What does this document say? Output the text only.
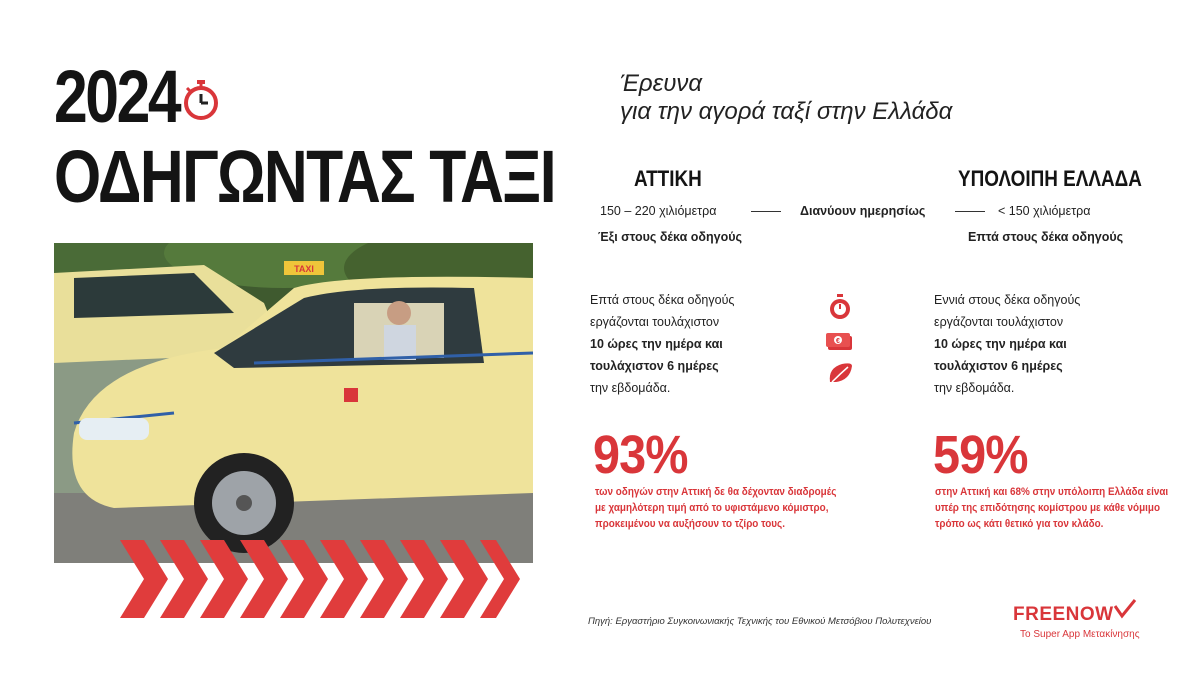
2024
ΟΔΗΓΩΝΤΑΣ ΤΑΞΙ
ΤΑΧΙ
Έρευνα
για την αγορά ταξί στην Ελλάδα
ΑΤΤΙΚΗ	ΥΠΟΛΟΙΠΗ ΕΛΛΑΔΑ
150 – 220 χιλιόμετρα	Διανύουν ημερησίως	< 150 χιλιόμετρα
Έξι στους δέκα οδηγούς	Επτά στους δέκα οδηγούς
Επτά στους δέκα οδηγούς
εργάζονται τουλάχιστον
10 ώρες την ημέρα και
τουλάχιστον 6 ημέρες
την εβδομάδα.
Εννιά στους δέκα οδηγούς
εργάζονται τουλάχιστον
10 ώρες την ημέρα και
τουλάχιστον 6 ημέρες
την εβδομάδα.
€
93%
των οδηγών στην Αττική δε θα δέχονταν διαδρομές
με χαμηλότερη τιμή από το υφιστάμενο κόμιστρο,
προκειμένου να αυξήσουν το τζίρο τους.
59%
στην Αττική και 68% στην υπόλοιπη Ελλάδα είναι
υπέρ της επιδότησης κομίστρου με κάθε νόμιμο
τρόπο ως κάτι θετικό για τον κλάδο.
Πηγή: Εργαστήριο Συγκοινωνιακής Τεχνικής του Εθνικού Μετσόβιου Πολυτεχνείου	FREENOW
To Super App Μετακίνησης
